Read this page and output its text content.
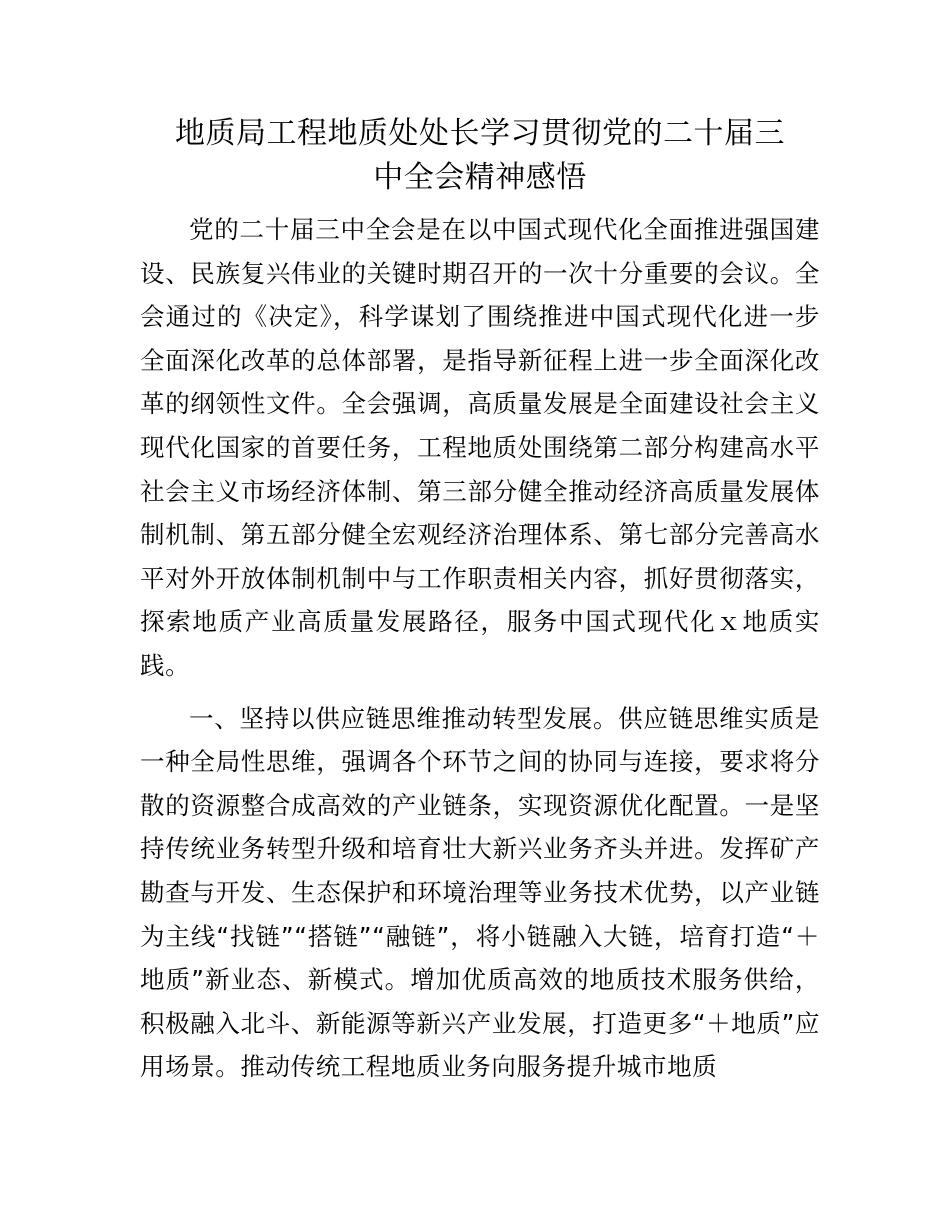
地质局工程地质处处长学习贯彻党的二十届三
中全会精神感悟

党的二十届三中全会是在以中国式现代化全面推进强国建设、民族复兴伟业的关键时期召开的一次十分重要的会议。全会通过的《决定》，科学谋划了围绕推进中国式现代化进一步全面深化改革的总体部署，是指导新征程上进一步全面深化改革的纲领性文件。全会强调，高质量发展是全面建设社会主义现代化国家的首要任务，工程地质处围绕第二部分构建高水平社会主义市场经济体制、第三部分健全推动经济高质量发展体制机制、第五部分健全宏观经济治理体系、第七部分完善高水平对外开放体制机制中与工作职责相关内容，抓好贯彻落实，探索地质产业高质量发展路径，服务中国式现代化ｘ地质实践。

一、坚持以供应链思维推动转型发展。供应链思维实质是一种全局性思维，强调各个环节之间的协同与连接，要求将分散的资源整合成高效的产业链条，实现资源优化配置。一是坚持传统业务转型升级和培育壮大新兴业务齐头并进。发挥矿产勘查与开发、生态保护和环境治理等业务技术优势，以产业链为主线“找链”“搭链”“融链”，将小链融入大链，培育打造“＋地质”新业态、新模式。增加优质高效的地质技术服务供给，积极融入北斗、新能源等新兴产业发展，打造更多“＋地质”应用场景。推动传统工程地质业务向服务提升城市地质
